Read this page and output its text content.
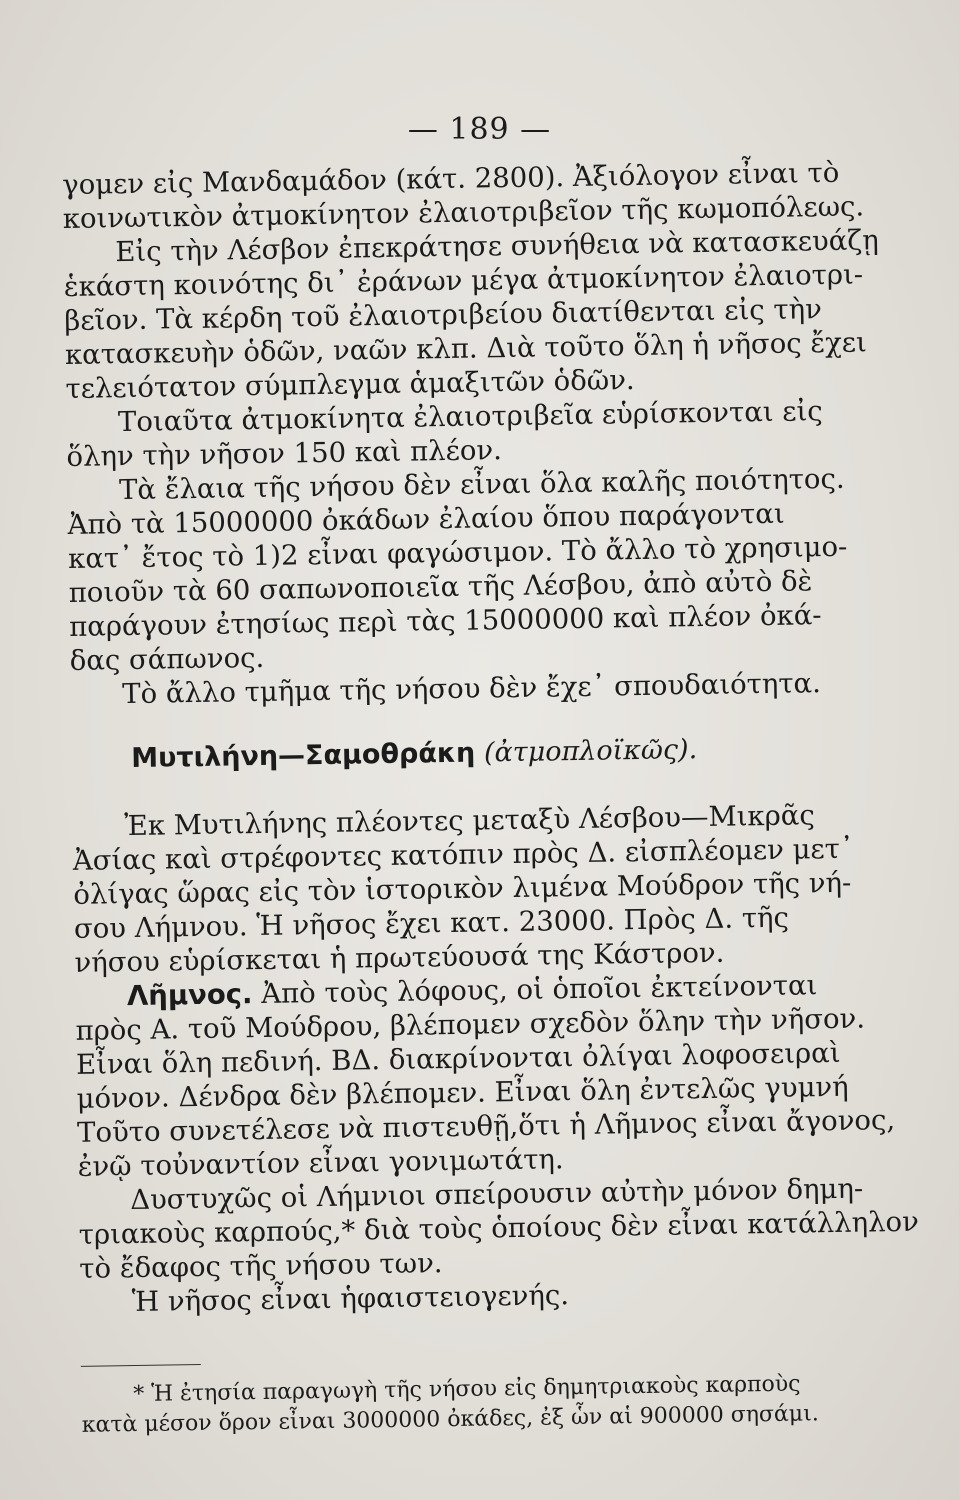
— 189 —
γομεν εἰς Μανδαμάδον (κάτ. 2800). Ἀξιόλογον εἶναι τὸ
κοινωτικὸν ἀτμοκίνητον ἐλαιοτριβεῖον τῆς κωμοπόλεως.
Εἰς τὴν Λέσβον ἐπεκράτησε συνήθεια νὰ κατασκευάζῃ
ἑκάστη κοινότης δι᾽ ἐράνων μέγα ἀτμοκίνητον ἐλαιοτρι-
βεῖον. Τὰ κέρδη τοῦ ἐλαιοτριβείου διατίθενται εἰς τὴν
κατασκευὴν ὁδῶν, ναῶν κλπ. Διὰ τοῦτο ὅλη ἡ νῆσος ἔχει
τελειότατον σύμπλεγμα ἁμαξιτῶν ὁδῶν.
Τοιαῦτα ἀτμοκίνητα ἐλαιοτριβεῖα εὑρίσκονται εἰς
ὅλην τὴν νῆσον 150 καὶ πλέον.
Τὰ ἔλαια τῆς νήσου δὲν εἶναι ὅλα καλῆς ποιότητος.
Ἀπὸ τὰ 15000000 ὀκάδων ἐλαίου ὅπου παράγονται
κατ᾽ ἔτος τὸ 1)2 εἶναι φαγώσιμον. Τὸ ἄλλο τὸ χρησιμο-
ποιοῦν τὰ 60 σαπωνοποιεῖα τῆς Λέσβου, ἀπὸ αὐτὸ δὲ
παράγουν ἐτησίως περὶ τὰς 15000000 καὶ πλέον ὀκά-
δας σάπωνος.
Τὸ ἄλλο τμῆμα τῆς νήσου δὲν ἔχε᾽ σπουδαιότητα.
Μυτιλήνη—Σαμοθράκη (ἀτμοπλοϊκῶς).
Ἐκ Μυτιλήνης πλέοντες μεταξὺ Λέσβου—Μικρᾶς
Ἀσίας καὶ στρέφοντες κατόπιν πρὸς Δ. εἰσπλέομεν μετ᾽
ὀλίγας ὥρας εἰς τὸν ἱστορικὸν λιμένα Μούδρον τῆς νή-
σου Λήμνου. Ἡ νῆσος ἔχει κατ. 23000. Πρὸς Δ. τῆς
νήσου εὑρίσκεται ἡ πρωτεύουσά της Κάστρον.
Λῆμνος. Ἀπὸ τοὺς λόφους, οἱ ὁποῖοι ἐκτείνονται
πρὸς Α. τοῦ Μούδρου, βλέπομεν σχεδὸν ὅλην τὴν νῆσον.
Εἶναι ὅλη πεδινή. ΒΔ. διακρίνονται ὀλίγαι λοφοσειραὶ
μόνον. Δένδρα δὲν βλέπομεν. Εἶναι ὅλη ἐντελῶς γυμνή
Τοῦτο συνετέλεσε νὰ πιστευθῇ,ὅτι ἡ Λῆμνος εἶναι ἄγονος,
ἐνῷ τοὐναντίον εἶναι γονιμωτάτη.
Δυστυχῶς οἱ Λήμνιοι σπείρουσιν αὐτὴν μόνον δημη-
τριακοὺς καρπούς,* διὰ τοὺς ὁποίους δὲν εἶναι κατάλληλον
τὸ ἔδαφος τῆς νήσου των.
Ἡ νῆσος εἶναι ἡφαιστειογενής.
* Ἡ ἐτησία παραγωγὴ τῆς νήσου εἰς δημητριακοὺς καρποὺς
κατὰ μέσον ὅρον εἶναι 3000000 ὀκάδες, ἐξ ὧν αἱ 900000 σησάμι.
